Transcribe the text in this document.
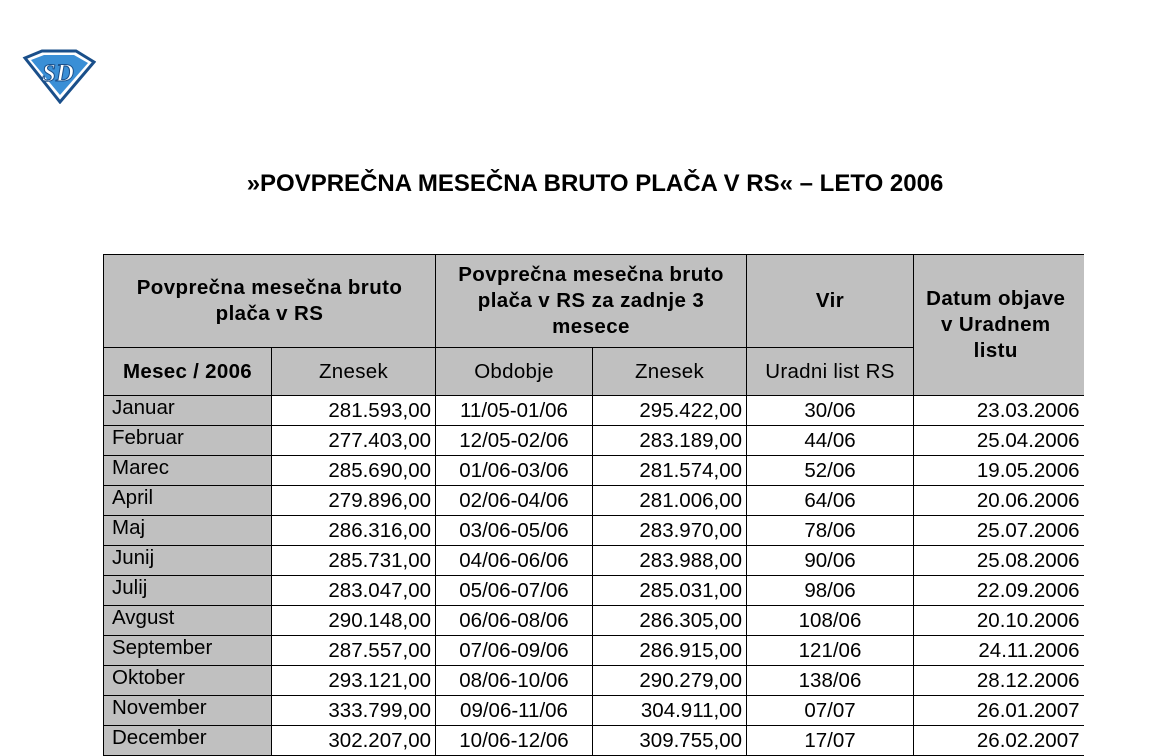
SD
»POVPREČNA MESEČNA BRUTO PLAČA V RS« – LETO 2006
Povprečna mesečna bruto plača v RS		Povprečna mesečna bruto plača v RS za zadnje 3 mesece		Vir	Datum objave v Uradnem listu

Mesec / 2006	Znesek	Obdobje	Znesek	Uradni list RS	
Januar	281.593,00	11/05-01/06	295.422,00	30/06	23.03.2006
Februar	277.403,00	12/05-02/06	283.189,00	44/06	25.04.2006
Marec	285.690,00	01/06-03/06	281.574,00	52/06	19.05.2006
April	279.896,00	02/06-04/06	281.006,00	64/06	20.06.2006
Maj	286.316,00	03/06-05/06	283.970,00	78/06	25.07.2006
Junij	285.731,00	04/06-06/06	283.988,00	90/06	25.08.2006
Julij	283.047,00	05/06-07/06	285.031,00	98/06	22.09.2006
Avgust	290.148,00	06/06-08/06	286.305,00	108/06	20.10.2006
September	287.557,00	07/06-09/06	286.915,00	121/06	24.11.2006
Oktober	293.121,00	08/06-10/06	290.279,00	138/06	28.12.2006
November	333.799,00	09/06-11/06	304.911,00	07/07	26.01.2007
December	302.207,00	10/06-12/06	309.755,00	17/07	26.02.2007
